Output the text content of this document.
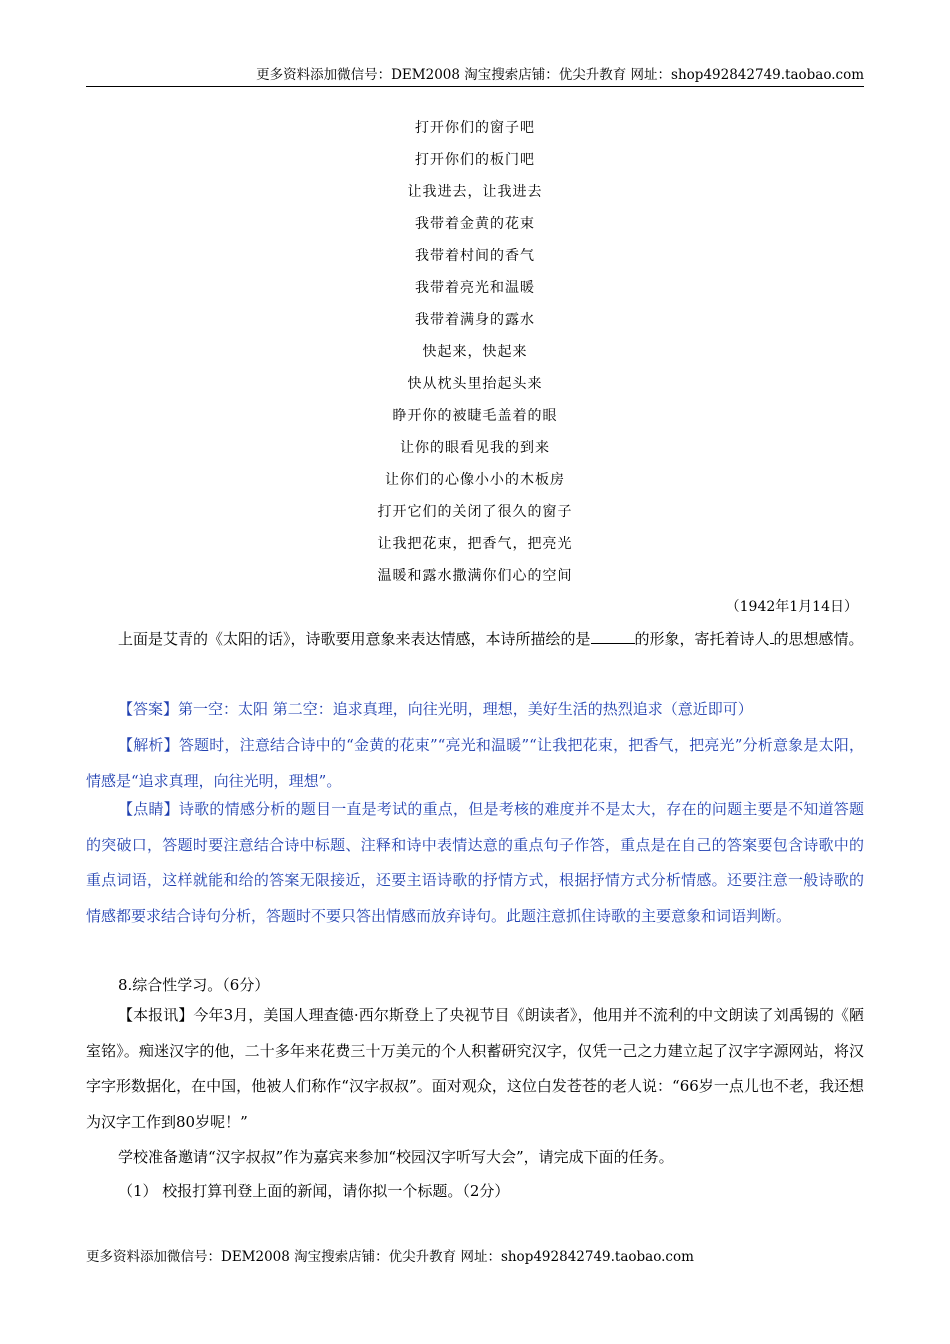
更多资料添加微信号：DEM2008 淘宝搜索店铺：优尖升教育 网址：shop492842749.taobao.com
打开你们的窗子吧
打开你们的板门吧
让我进去，让我进去
我带着金黄的花束
我带着村间的香气
我带着亮光和温暖
我带着满身的露水
快起来，快起来
快从枕头里抬起头来
睁开你的被睫毛盖着的眼
让你的眼看见我的到来
让你们的心像小小的木板房
打开它们的关闭了很久的窗子
让我把花束，把香气，把亮光
温暖和露水撒满你们心的空间
（1942年1月14日）
上面是艾青的《太阳的话》，诗歌要用意象来表达情感，本诗所描绘的是	的形象，寄托着诗人 的思想感情。
【答案】第一空：太阳 第二空：追求真理，向往光明，理想，美好生活的热烈追求（意近即可）
【解析】答题时，注意结合诗中的“金黄的花束”“亮光和温暖”“让我把花束，把香气，把亮光”分析意象是太阳，情感是“追求真理，向往光明，理想”。
【点睛】诗歌的情感分析的题目一直是考试的重点，但是考核的难度并不是太大，存在的问题主要是不知道答题的突破口，答题时要注意结合诗中标题、注释和诗中表情达意的重点句子作答，重点是在自己的答案要包含诗歌中的重点词语，这样就能和给的答案无限接近，还要主语诗歌的抒情方式，根据抒情方式分析情感。还要注意一般诗歌的情感都要求结合诗句分析，答题时不要只答出情感而放弃诗句。此题注意抓住诗歌的主要意象和词语判断。
8.综合性学习。（6分）
【本报讯】今年3月，美国人理查德·西尔斯登上了央视节目《朗读者》，他用并不流利的中文朗读了刘禹锡的《陋室铭》。痴迷汉字的他，二十多年来花费三十万美元的个人积蓄研究汉字，仅凭一己之力建立起了汉字字源网站，将汉字字形数据化，在中国，他被人们称作“汉字叔叔”。面对观众，这位白发苍苍的老人说：“66岁一点儿也不老，我还想为汉字工作到80岁呢！”
学校准备邀请“汉字叔叔”作为嘉宾来参加“校园汉字听写大会”，请完成下面的任务。
（1） 校报打算刊登上面的新闻，请你拟一个标题。（2分）
更多资料添加微信号：DEM2008 淘宝搜索店铺：优尖升教育 网址：shop492842749.taobao.com
